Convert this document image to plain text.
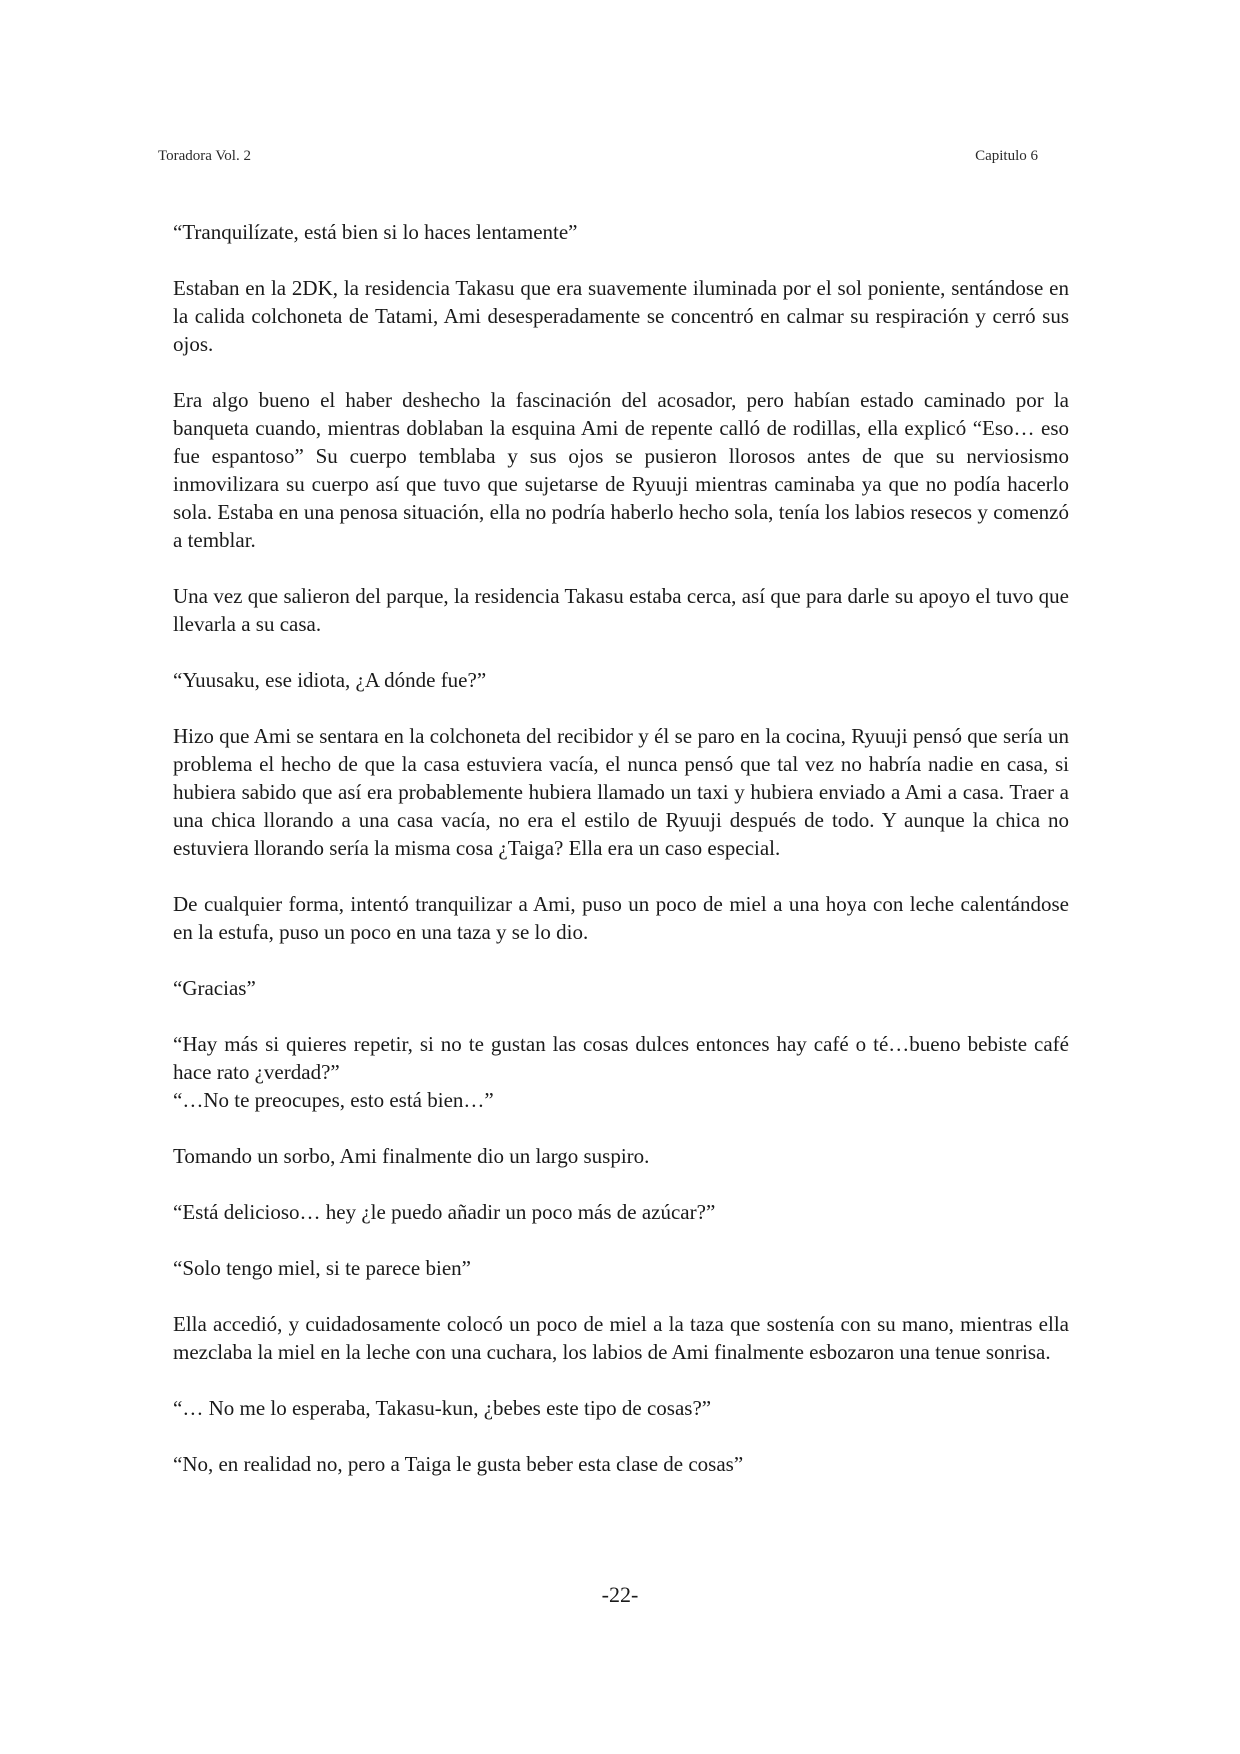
Toradora Vol. 2	Capitulo 6

“Tranquilízate, está bien si lo haces lentamente”

Estaban en la 2DK, la residencia Takasu que era suavemente iluminada por el sol poniente, sentándose en la calida colchoneta de Tatami, Ami desesperadamente se concentró en calmar su respiración y cerró sus ojos.

Era algo bueno el haber deshecho la fascinación del acosador, pero habían estado caminado por la banqueta cuando, mientras doblaban la esquina Ami de repente calló de rodillas, ella explicó “Eso… eso fue espantoso” Su cuerpo temblaba y sus ojos se pusieron llorosos antes de que su nerviosismo inmovilizara su cuerpo así que tuvo que sujetarse de Ryuuji mientras caminaba ya que no podía hacerlo sola. Estaba en una penosa situación, ella no podría haberlo hecho sola, tenía los labios resecos y comenzó a temblar.

Una vez que salieron del parque, la residencia Takasu estaba cerca, así que para darle su apoyo el tuvo que llevarla a su casa.

“Yuusaku, ese idiota, ¿A dónde fue?”

Hizo que Ami se sentara en la colchoneta del recibidor y él se paro en la cocina, Ryuuji pensó que sería un problema el hecho de que la casa estuviera vacía, el nunca pensó que tal vez no habría nadie en casa, si hubiera sabido que así era probablemente hubiera llamado un taxi y hubiera enviado a Ami a casa. Traer a una chica llorando a una casa vacía, no era el estilo de Ryuuji después de todo. Y aunque la chica no estuviera llorando sería la misma cosa ¿Taiga? Ella era un caso especial.

De cualquier forma, intentó tranquilizar a Ami, puso un poco de miel a una hoya con leche calentándose en la estufa, puso un poco en una taza y se lo dio.

“Gracias”

“Hay más si quieres repetir, si no te gustan las cosas dulces entonces hay café o té…bueno bebiste café hace rato ¿verdad?”

“…No te preocupes, esto está bien…”

Tomando un sorbo, Ami finalmente dio un largo suspiro.

“Está delicioso… hey ¿le puedo añadir un poco más de azúcar?”

“Solo tengo miel, si te parece bien”

Ella accedió, y cuidadosamente colocó un poco de miel a la taza que sostenía con su mano, mientras ella mezclaba la miel en la leche con una cuchara, los labios de Ami finalmente esbozaron una tenue sonrisa.

“… No me lo esperaba, Takasu-kun, ¿bebes este tipo de cosas?”

“No, en realidad no, pero a Taiga le gusta beber esta clase de cosas”

-22-
